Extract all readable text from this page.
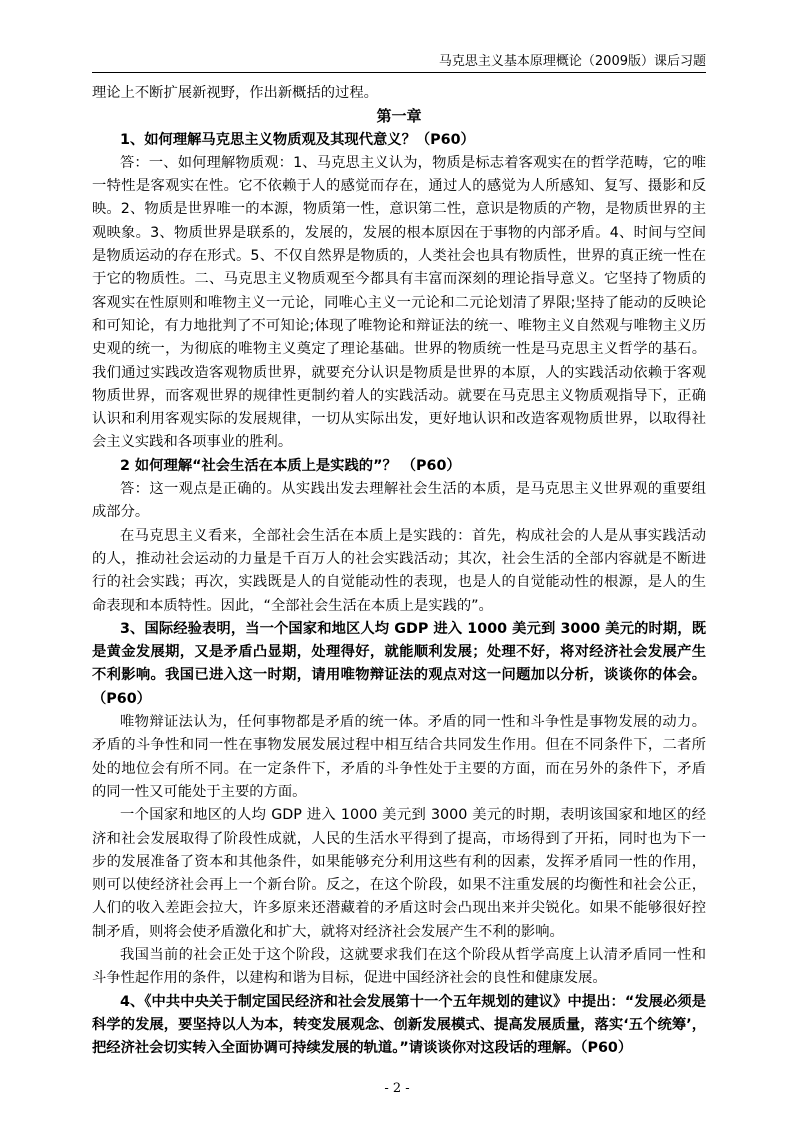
马克思主义基本原理概论（2009版）课后习题

理论上不断扩展新视野，作出新概括的过程。

第一章

1、如何理解马克思主义物质观及其现代意义？（P60）

答：一、如何理解物质观：1、马克思主义认为，物质是标志着客观实在的哲学范畴，它的唯一特性是客观实在性。它不依赖于人的感觉而存在，通过人的感觉为人所感知、复写、摄影和反映。2、物质是世界唯一的本源，物质第一性，意识第二性，意识是物质的产物，是物质世界的主观映象。3、物质世界是联系的，发展的，发展的根本原因在于事物的内部矛盾。4、时间与空间是物质运动的存在形式。5、不仅自然界是物质的，人类社会也具有物质性，世界的真正统一性在于它的物质性。二、马克思主义物质观至今都具有丰富而深刻的理论指导意义。它坚持了物质的客观实在性原则和唯物主义一元论，同唯心主义一元论和二元论划清了界限;坚持了能动的反映论和可知论，有力地批判了不可知论;体现了唯物论和辩证法的统一、唯物主义自然观与唯物主义历史观的统一，为彻底的唯物主义奠定了理论基础。世界的物质统一性是马克思主义哲学的基石。我们通过实践改造客观物质世界，就要充分认识是物质是世界的本原，人的实践活动依赖于客观物质世界，而客观世界的规律性更制约着人的实践活动。就要在马克思主义物质观指导下，正确认识和利用客观实际的发展规律，一切从实际出发，更好地认识和改造客观物质世界，以取得社会主义实践和各项事业的胜利。

2 如何理解“社会生活在本质上是实践的”？ （P60）

答：这一观点是正确的。从实践出发去理解社会生活的本质，是马克思主义世界观的重要组成部分。

在马克思主义看来，全部社会生活在本质上是实践的：首先，构成社会的人是从事实践活动的人，推动社会运动的力量是千百万人的社会实践活动；其次，社会生活的全部内容就是不断进行的社会实践；再次，实践既是人的自觉能动性的表现，也是人的自觉能动性的根源，是人的生命表现和本质特性。因此，“全部社会生活在本质上是实践的”。

3、国际经验表明，当一个国家和地区人均 GDP 进入 1000 美元到 3000 美元的时期，既是黄金发展期，又是矛盾凸显期，处理得好，就能顺利发展；处理不好，将对经济社会发展产生不利影响。我国已进入这一时期，请用唯物辩证法的观点对这一问题加以分析，谈谈你的体会。（P60）

唯物辩证法认为，任何事物都是矛盾的统一体。矛盾的同一性和斗争性是事物发展的动力。矛盾的斗争性和同一性在事物发展发展过程中相互结合共同发生作用。但在不同条件下，二者所处的地位会有所不同。在一定条件下，矛盾的斗争性处于主要的方面，而在另外的条件下，矛盾的同一性又可能处于主要的方面。

一个国家和地区的人均 GDP 进入 1000 美元到 3000 美元的时期，表明该国家和地区的经济和社会发展取得了阶段性成就，人民的生活水平得到了提高，市场得到了开拓，同时也为下一步的发展准备了资本和其他条件，如果能够充分利用这些有利的因素，发挥矛盾同一性的作用，则可以使经济社会再上一个新台阶。反之，在这个阶段，如果不注重发展的均衡性和社会公正，人们的收入差距会拉大，许多原来还潜藏着的矛盾这时会凸现出来并尖锐化。如果不能够很好控制矛盾，则将会使矛盾激化和扩大，就将对经济社会发展产生不利的影响。

我国当前的社会正处于这个阶段，这就要求我们在这个阶段从哲学高度上认清矛盾同一性和斗争性起作用的条件，以建构和谐为目标，促进中国经济社会的良性和健康发展。

4、《中共中央关于制定国民经济和社会发展第十一个五年规划的建议》中提出：“发展必须是科学的发展，要坚持以人为本，转变发展观念、创新发展模式、提高发展质量，落实‘五个统筹’，把经济社会切实转入全面协调可持续发展的轨道。”请谈谈你对这段话的理解。（P60）

- 2 -
